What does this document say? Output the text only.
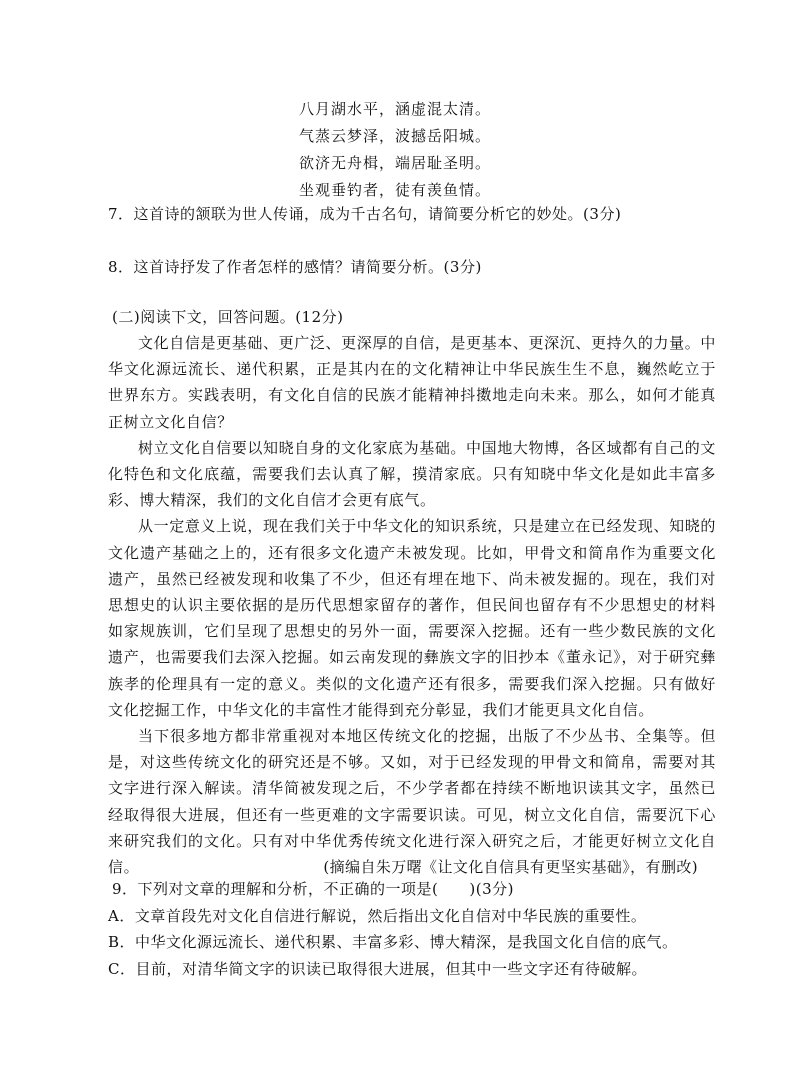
八月湖水平，涵虚混太清。
气蒸云梦泽，波撼岳阳城。
欲济无舟楫，端居耻圣明。
坐观垂钓者，徒有羡鱼情。
7．这首诗的颔联为世人传诵，成为千古名句，请简要分析它的妙处。(3分)
8．这首诗抒发了作者怎样的感情？请简要分析。(3分)
(二)阅读下文，回答问题。(12分)

文化自信是更基础、更广泛、更深厚的自信，是更基本、更深沉、更持久的力量。中华文化源远流长、递代积累，正是其内在的文化精神让中华民族生生不息，巍然屹立于世界东方。实践表明，有文化自信的民族才能精神抖擞地走向未来。那么，如何才能真正树立文化自信？

树立文化自信要以知晓自身的文化家底为基础。中国地大物博，各区域都有自己的文化特色和文化底蕴，需要我们去认真了解，摸清家底。只有知晓中华文化是如此丰富多彩、博大精深，我们的文化自信才会更有底气。

从一定意义上说，现在我们关于中华文化的知识系统，只是建立在已经发现、知晓的文化遗产基础之上的，还有很多文化遗产未被发现。比如，甲骨文和简帛作为重要文化遗产，虽然已经被发现和收集了不少，但还有埋在地下、尚未被发掘的。现在，我们对思想史的认识主要依据的是历代思想家留存的著作，但民间也留存有不少思想史的材料如家规族训，它们呈现了思想史的另外一面，需要深入挖掘。还有一些少数民族的文化遗产，也需要我们去深入挖掘。如云南发现的彝族文字的旧抄本《董永记》，对于研究彝族孝的伦理具有一定的意义。类似的文化遗产还有很多，需要我们深入挖掘。只有做好文化挖掘工作，中华文化的丰富性才能得到充分彰显，我们才能更具文化自信。

当下很多地方都非常重视对本地区传统文化的挖掘，出版了不少丛书、全集等。但是，对这些传统文化的研究还是不够。又如，对于已经发现的甲骨文和简帛，需要对其文字进行深入解读。清华简被发现之后，不少学者都在持续不断地识读其文字，虽然已经取得很大进展，但还有一些更难的文字需要识读。可见，树立文化自信，需要沉下心来研究我们的文化。只有对中华优秀传统文化进行深入研究之后，才能更好树立文化自信。	(摘编自朱万曙《让文化自信具有更坚实基础》，有删改)
9．下列对文章的理解和分析，不正确的一项是(　　)(3分)
A．文章首段先对文化自信进行解说，然后指出文化自信对中华民族的重要性。
B．中华文化源远流长、递代积累、丰富多彩、博大精深，是我国文化自信的底气。
C．目前，对清华简文字的识读已取得很大进展，但其中一些文字还有待破解。
